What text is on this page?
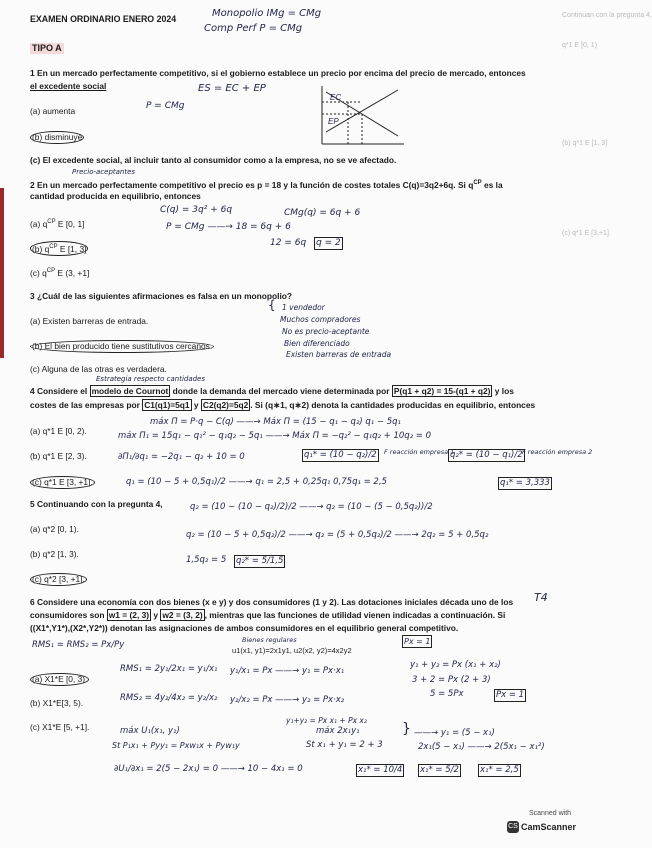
Continuan con la pregunta 4,
q*1 E [0, 1)
(b) q*1 E [1, 3)
(c) q*1 E [3,+1]
EXAMEN ORDINARIO ENERO 2024	Monopolio IMg = CMg
Comp Perf P = CMg
TIPO A
1 En un mercado perfectamente competitivo, si el gobierno establece un precio por encima del precio de mercado, entonces
el excedente social	ES = EC + EP
(a) aumenta	P = CMg
(b) disminuye
(c) El excedente social, al incluir tanto al consumidor como a la empresa, no se ve afectado.
EC
EP
Precio-aceptantes
2 En un mercado perfectamente competitivo el precio es p = 18 y la función de costes totales C(q)=3q2+6q. Si $q^{CP}$ es la
cantidad producida en equilibrio, entonces
(a) $q^{CP}$ E [0, 1]
(b) $q^{CP}$ E [1, 3]
(c) $q^{CP}$ E (3, +1]
C(q) = 3q² + 6q	CMg(q) = 6q + 6
P = CMg ——→ 18 = 6q + 6
12 = 6q q = 2
3 ¿Cuál de las siguientes afirmaciones es falsa en un monopolio?
(a) Existen barreras de entrada.
(b) El bien producido tiene sustitutivos cercanos.
(c) Alguna de las otras es verdadera.
{ 1 vendedor
Muchos compradores
No es precio-aceptante
Bien diferenciado
Existen barreras de entrada
Estrategia respecto cantidades
4 Considere el modelo de Cournot donde la demanda del mercado viene determinada por P(q1 + q2) = 15-(q1 + q2) y los
costes de las empresas por C1(q1)=5q1 y C2(q2)=5q2 . Si (q∗1, q∗2) denota la cantidades producidas en equilibrio, entonces
(a) q*1 E [0, 2).
(b) q*1 E [2, 3).
(c) q*1 E [3, +1].
máx Π = P·q − C(q) ——→ Máx Π = (15 − q₁ − q₂) q₁ − 5q₁
máx Π₁ = 15q₁ − q₁² − q₁q₂ − 5q₁ ——→ Máx Π = −q₂² − q₁q₂ + 10q₂ = 0
∂Π₁/∂q₁ = −2q₁ − q₂ + 10 = 0	q₁* = (10 − q₂)/2	F reacción empresa 1
q₂* = (10 − q₁)/2 F reacción empresa 2
q₁ = (10 − 5 + 0,5q₁)/2 ——→ q₁ = 2,5 + 0,25q₁ 0,75q₁ = 2,5	q₁* = 3,333
5 Continuando con la pregunta 4,
(a) q*2 [0, 1).
(b) q*2 [1, 3).
(c) q*2 [3, +1].
q₂ = (10 − (10 − q₂)/2)/2 ——→ q₂ = (10 − (5 − 0,5q₂))/2
q₂ = (10 − 5 + 0,5q₂)/2 ——→ q₂ = (5 + 0,5q₂)/2 ——→ 2q₂ = 5 + 0,5q₂
1,5q₂ = 5 q₂* = 5/1,5
6 Considere una economía con dos bienes (x e y) y dos consumidores (1 y 2). Las dotaciones iniciales década uno de los T4
consumidores son w1 = (2, 3) y w2 = (3, 2) , mientras que las funciones de utilidad vienen indicadas a continuación. Si
((X1*,Y1*),(X2*,Y2*)) denotan las asignaciones de ambos consumidores en el equilibrio general competitivo.
Bienes regulares
u1(x1, y1)=2x1y1, u2(x2, y2)=4x2y2
Px = 1
RMS₁ = RMS₂ = Px/Py
(a) X1*E [0, 3).
(b) X1*E[3, 5).
(c) X1*E [5, +1].
RMS₁ = 2y₁/2x₁ = y₁/x₁ y₁/x₁ = Px ——→ y₁ = Px·x₁
RMS₂ = 4y₂/4x₂ = y₂/x₂ y₂/x₂ = Px ——→ y₂ = Px·x₂
y₁+y₂ = Px x₁ + Px x₂
y₁ + y₂ = Px (x₁ + x₂)
3 + 2 = Px (2 + 3)
5 = 5Px	Px = 1
máx U₁(x₁, y₁)
St P₁x₁ + Pyy₁ = Pxw₁x + Pyw₁y
máx 2x₁y₁
St x₁ + y₁ = 2 + 3
} ——→ y₁ = (5 − x₁)
2x₁(5 − x₁) ——→ 2(5x₁ − x₁²)
∂U₁/∂x₁ = 2(5 − 2x₁) = 0 ——→ 10 − 4x₁ = 0	x₁* = 10/4 x₁* = 5/2 x₁* = 2,5
Scanned with
CS CamScanner
